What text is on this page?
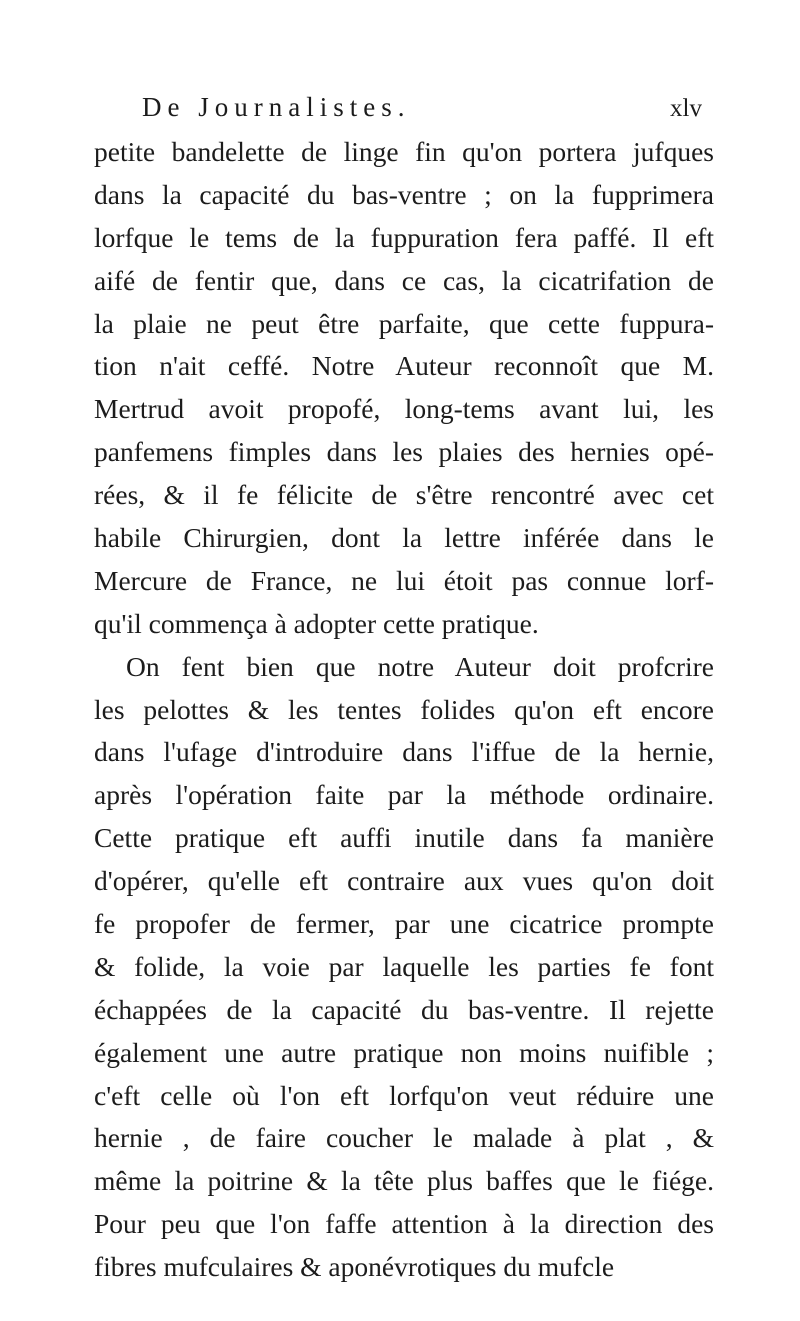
De Journalistes.	xlv
petite bandelette de linge fin qu'on portera jufques
dans la capacité du bas-ventre ; on la fupprimera
lorfque le tems de la fuppuration fera paffé. Il eft
aifé de fentir que, dans ce cas, la cicatrifation de
la plaie ne peut être parfaite, que cette fuppura-
tion n'ait ceffé. Notre Auteur reconnoît que M.
Mertrud avoit propofé, long-tems avant lui, les
panfemens fimples dans les plaies des hernies opé-
rées, & il fe félicite de s'être rencontré avec cet
habile Chirurgien, dont la lettre inférée dans le
Mercure de France, ne lui étoit pas connue lorf-
qu'il commença à adopter cette pratique.
On fent bien que notre Auteur doit profcrire
les pelottes & les tentes folides qu'on eft encore
dans l'ufage d'introduire dans l'iffue de la hernie,
après l'opération faite par la méthode ordinaire.
Cette pratique eft auffi inutile dans fa manière
d'opérer, qu'elle eft contraire aux vues qu'on doit
fe propofer de fermer, par une cicatrice prompte
& folide, la voie par laquelle les parties fe font
échappées de la capacité du bas-ventre. Il rejette
également une autre pratique non moins nuifible ;
c'eft celle où l'on eft lorfqu'on veut réduire une
hernie , de faire coucher le malade à plat , &
même la poitrine & la tête plus baffes que le fiége.
Pour peu que l'on faffe attention à la direction des
fibres mufculaires & aponévrotiques du mufcle
